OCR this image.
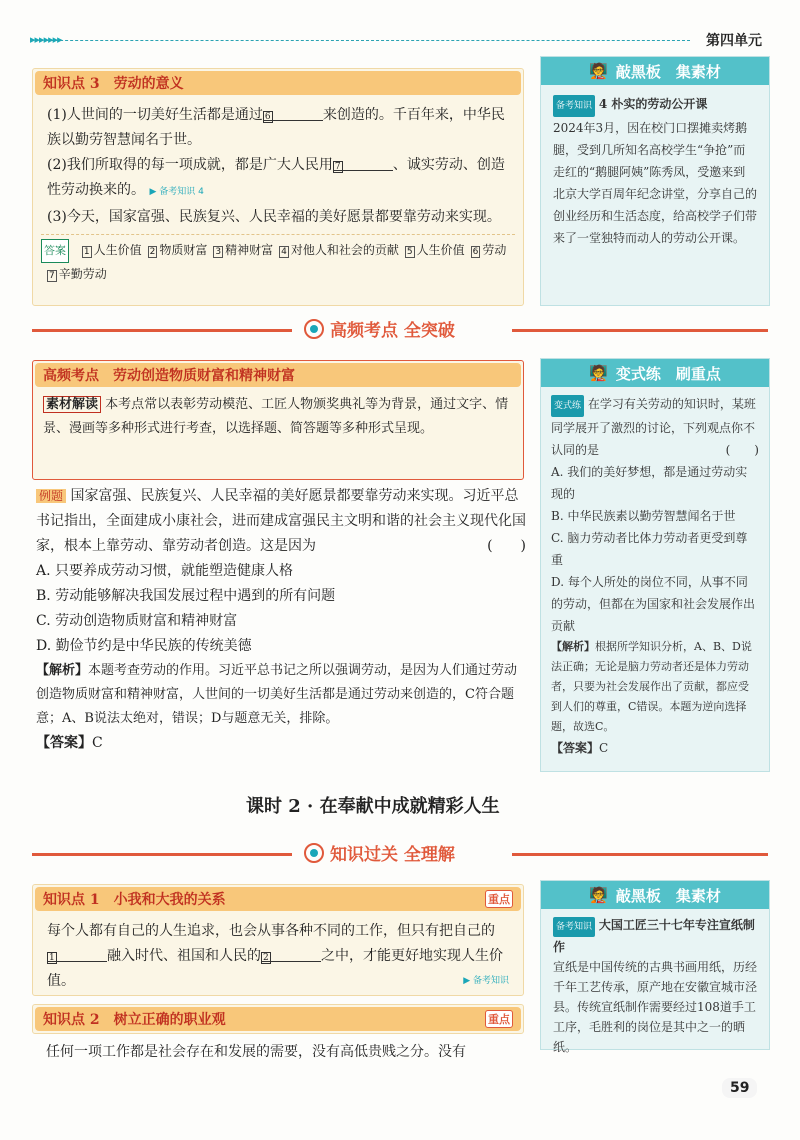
▸▸▸▸▸▸▸	第四单元
知识点 3　劳动的意义
(1)人世间的一切美好生活都是通过 6	来创造的。千百年来，中华民族以勤劳智慧闻名于世。
(2)我们所取得的每一项成就，都是广大人民用 7	、诚实劳动、创造性劳动换来的。 ▶ 备考知识 4
(3)今天，国家富强、民族复兴、人民幸福的美好愿景都要靠劳动来实现。
答案 1 人生价值 2 物质财富 3 精神财富 4 对他人和社会的贡献 5 人生价值 6 劳动7 辛勤劳动
🧑‍🏫 敲黑板　集素材
备考知识 4 朴实的劳动公开课
2024年3月，因在校门口摆摊卖烤鹅腿，受到几所知名高校学生“争抢”而走红的“鹅腿阿姨”陈秀凤，受邀来到北京大学百周年纪念讲堂，分享自己的创业经历和生活态度，给高校学子们带来了一堂独特而动人的劳动公开课。
高频考点 全突破
高频考点　劳动创造物质财富和精神财富
素材解读 本考点常以表彰劳动模范、工匠人物颁奖典礼等为背景，通过文字、情景、漫画等多种形式进行考查，以选择题、简答题等多种形式呈现。
例题 国家富强、民族复兴、人民幸福的美好愿景都要靠劳动来实现。习近平总书记指出，全面建成小康社会，进而建成富强民主文明和谐的社会主义现代化国家，根本上靠劳动、靠劳动者创造。这是因为	(　　)
A. 只要养成劳动习惯，就能塑造健康人格
B. 劳动能够解决我国发展过程中遇到的所有问题
C. 劳动创造物质财富和精神财富
D. 勤俭节约是中华民族的传统美德
【解析】本题考查劳动的作用。习近平总书记之所以强调劳动，是因为人们通过劳动创造物质财富和精神财富，人世间的一切美好生活都是通过劳动来创造的，C符合题意；A、B说法太绝对，错误；D与题意无关，排除。
【答案】C
🧑‍🏫 变式练　刷重点
变式练 在学习有关劳动的知识时，某班同学展开了激烈的讨论，下列观点你不认同的是	(　　)
A. 我们的美好梦想，都是通过劳动实现的
B. 中华民族素以勤劳智慧闻名于世
C. 脑力劳动者比体力劳动者更受到尊重
D. 每个人所处的岗位不同，从事不同的劳动，但都在为国家和社会发展作出贡献
【解析】根据所学知识分析，A、B、D说法正确；无论是脑力劳动者还是体力劳动者，只要为社会发展作出了贡献，都应受到人们的尊重，C错误。本题为逆向选择题，故选C。
【答案】C
课时 2 · 在奉献中成就精彩人生
知识过关 全理解
知识点 1　小我和大我的关系	重点
每个人都有自己的人生追求，也会从事各种不同的工作，但只有把自己的1	融入时代、祖国和人民的 2	之中，才能更好地实现人生价值。	▶ 备考知识
知识点 2　树立正确的职业观	重点
任何一项工作都是社会存在和发展的需要，没有高低贵贱之分。没有
🧑‍🏫 敲黑板　集素材
备考知识 大国工匠三十七年专注宣纸制作
宣纸是中国传统的古典书画用纸，历经千年工艺传承，原产地在安徽宣城市泾县。传统宣纸制作需要经过108道手工工序，毛胜利的岗位是其中之一的晒纸。
59
